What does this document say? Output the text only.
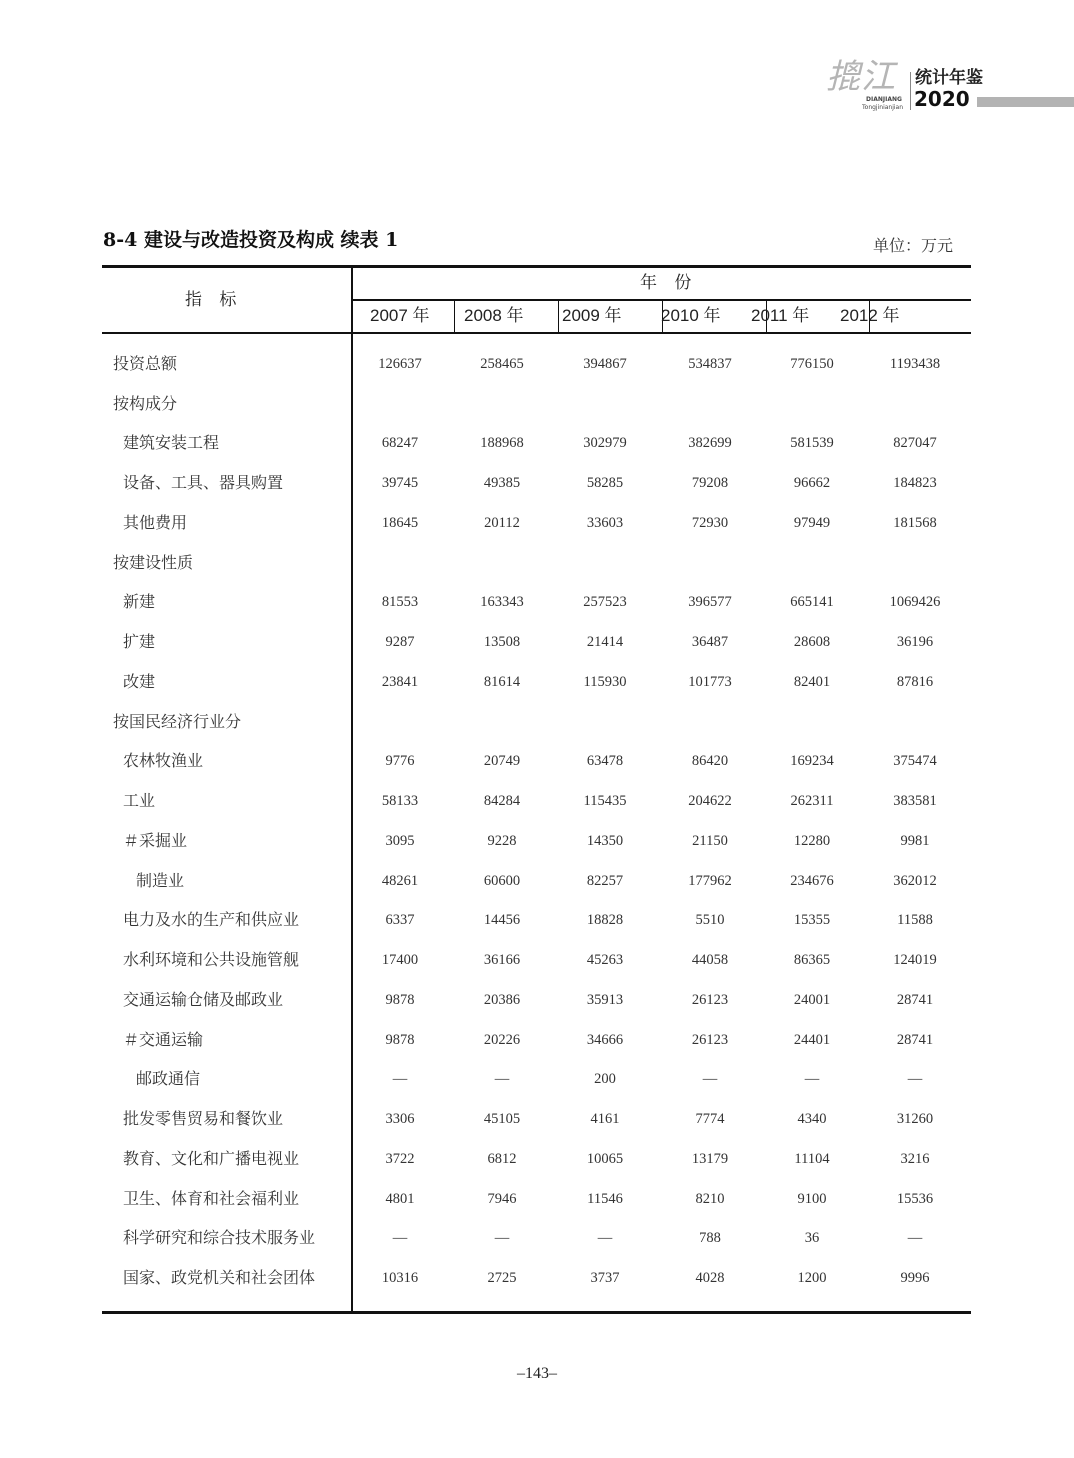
𢱧江
DIANJIANG
Tongjinianjian
统计年鉴
2020
8-4 建设与改造投资及构成 续表 1	单位：万元
指 标
年 份
2007 年 2008 年 2009 年 2010 年 2011 年 2012 年
投资总额	126637	258465	394867	534837	776150	1193438
按构成分
建筑安装工程	68247	188968	302979	382699	581539	827047
设备、工具、器具购置	39745	49385	58285	79208	96662	184823
其他费用	18645	20112	33603	72930	97949	181568
按建设性质
新建	81553	163343	257523	396577	665141	1069426
扩建	9287	13508	21414	36487	28608	36196
改建	23841	81614	115930	101773	82401	87816
按国民经济行业分
农林牧渔业	9776	20749	63478	86420	169234	375474
工业	58133	84284	115435	204622	262311	383581
＃采掘业	3095	9228	14350	21150	12280	9981
制造业	48261	60600	82257	177962	234676	362012
电力及水的生产和供应业	6337	14456	18828	5510	15355	11588
水利环境和公共设施管舰	17400	36166	45263	44058	86365	124019
交通运输仓储及邮政业	9878	20386	35913	26123	24001	28741
＃交通运输	9878	20226	34666	26123	24401	28741
邮政通信	—	—	200	—	—	—
批发零售贸易和餐饮业	3306	45105	4161	7774	4340	31260
教育、文化和广播电视业	3722	6812	10065	13179	11104	3216
卫生、体育和社会福利业	4801	7946	11546	8210	9100	15536
科学研究和综合技术服务业	—	—	—	788	36	—
国家、政党机关和社会团体	10316	2725	3737	4028	1200	9996
–143–
